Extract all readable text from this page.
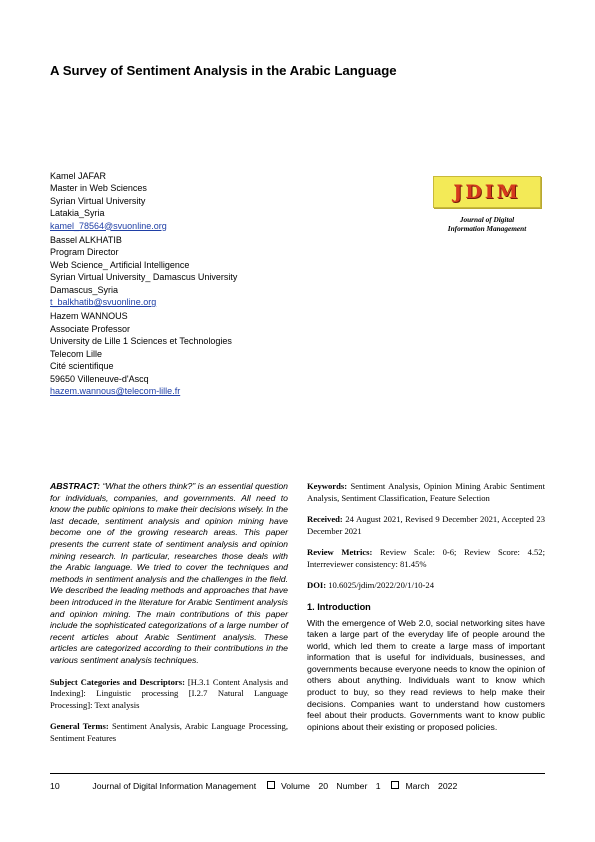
A Survey of Sentiment Analysis in the Arabic Language
Kamel JAFAR
Master in Web Sciences
Syrian Virtual University
Latakia_Syria
kamel_78564@svuonline.org
Bassel ALKHATIB
Program Director
Web Science_ Artificial Intelligence
Syrian Virtual University_ Damascus University
Damascus_Syria
t_balkhatib@svuonline.org
Hazem WANNOUS
Associate Professor
University de Lille 1 Sciences et Technologies
Telecom Lille
Cité scientifique
59650 Villeneuve-d'Ascq
hazem.wannous@telecom-lille.fr
JDIM
Journal of Digital
Information Management

ABSTRACT: “What the others think?” is an essential question for individuals, companies, and governments. All need to know the public opinions to make their decisions wisely. In the last decade, sentiment analysis and opinion mining have become one of the growing research areas. This paper presents the current state of sentiment analysis and opinion mining research. In particular, researches those deals with the Arabic language. We tried to cover the techniques and methods in sentiment analysis and the challenges in the field. We described the leading methods and approaches that have been introduced in the literature for Arabic Sentiment analysis and opinion mining. The main contributions of this paper include the sophisticated categorizations of a large number of recent articles about Arabic Sentiment analysis. These articles are categorized according to their contributions in the various sentiment analysis techniques.

Subject Categories and Descriptors: [H.3.1 Content Analysis and Indexing]: Linguistic processing [I.2.7 Natural Language Processing]: Text analysis

General Terms: Sentiment Analysis, Arabic Language Processing, Sentiment Features

Keywords: Sentiment Analysis, Opinion Mining Arabic Sentiment Analysis, Sentiment Classification, Feature Selection

Received: 24 August 2021, Revised 9 December 2021, Accepted 23 December 2021

Review Metrics: Review Scale: 0-6; Review Score: 4.52; Interreviewer consistency: 81.45%

DOI: 10.6025/jdim/2022/20/1/10-24

1. Introduction

With the emergence of Web 2.0, social networking sites have taken a large part of the everyday life of people around the world, which led them to create a large mass of important information that is useful for individuals, businesses, and governments because everyone needs to know the opinion of others about anything. Individuals want to know which product to buy, so they read reviews to help make their decisions. Companies want to understand how customers feel about their products. Governments want to know public opinions about their existing or proposed policies.

10	Journal of Digital Information Management	Volume 20 Number 1	March 2022
